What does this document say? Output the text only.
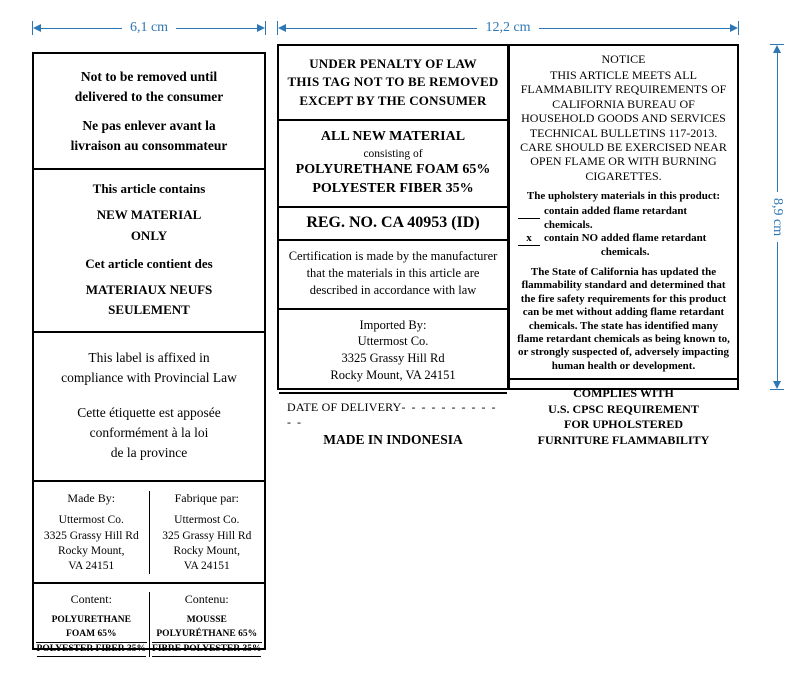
6,1 cm	12,2 cm
8,9 cm
Not to be removed until
delivered to the consumer
Ne pas enlever avant la
livraison au consommateur
This article contains
NEW MATERIAL
ONLY
Cet article contient des
MATERIAUX NEUFS
SEULEMENT
This label is affixed in
compliance with Provincial Law
Cette étiquette est apposée
conformément à la loi
de la province
Made By:
Uttermost Co.
3325 Grassy Hill Rd
Rocky Mount,
VA 24151
Fabrique par:
Uttermost Co.
325 Grassy Hill Rd
Rocky Mount,
VA 24151
Content:
POLYURETHANE FOAM 65% POLYESTER FIBER 35%
Contenu:
MOUSSE POLYURÉTHANE 65% FIBRE POLYESTER 35%
UNDER PENALTY OF LAW
THIS TAG NOT TO BE REMOVED
EXCEPT BY THE CONSUMER
ALL NEW MATERIAL
consisting of
POLYURETHANE FOAM 65%
POLYESTER FIBER 35%
REG. NO. CA 40953 (ID)
Certification is made by the manufacturer
that the materials in this article are
described in accordance with law
Imported By:
Uttermost Co.
3325 Grassy Hill Rd
Rocky Mount, VA 24151
DATE OF DELIVERY- - - - - - - - - - - -
MADE IN INDONESIA
NOTICE
THIS ARTICLE MEETS ALL FLAMMABILITY REQUIREMENTS OF CALIFORNIA BUREAU OF HOUSEHOLD GOODS AND SERVICES TECHNICAL BULLETINS 117-2013. CARE SHOULD BE EXERCISED NEAR OPEN FLAME OR WITH BURNING CIGARETTES.
The upholstery materials in this product:
contain added flame retardant chemicals.
x	contain NO added flame retardant
chemicals.
The State of California has updated the flammability standard and determined that the fire safety requirements for this product can be met without adding flame retardant chemicals. The state has identified many flame retardant chemicals as being known to, or strongly suspected of, adversely impacting human health or development.
COMPLIES WITH
U.S. CPSC REQUIREMENT
FOR UPHOLSTERED
FURNITURE FLAMMABILITY
